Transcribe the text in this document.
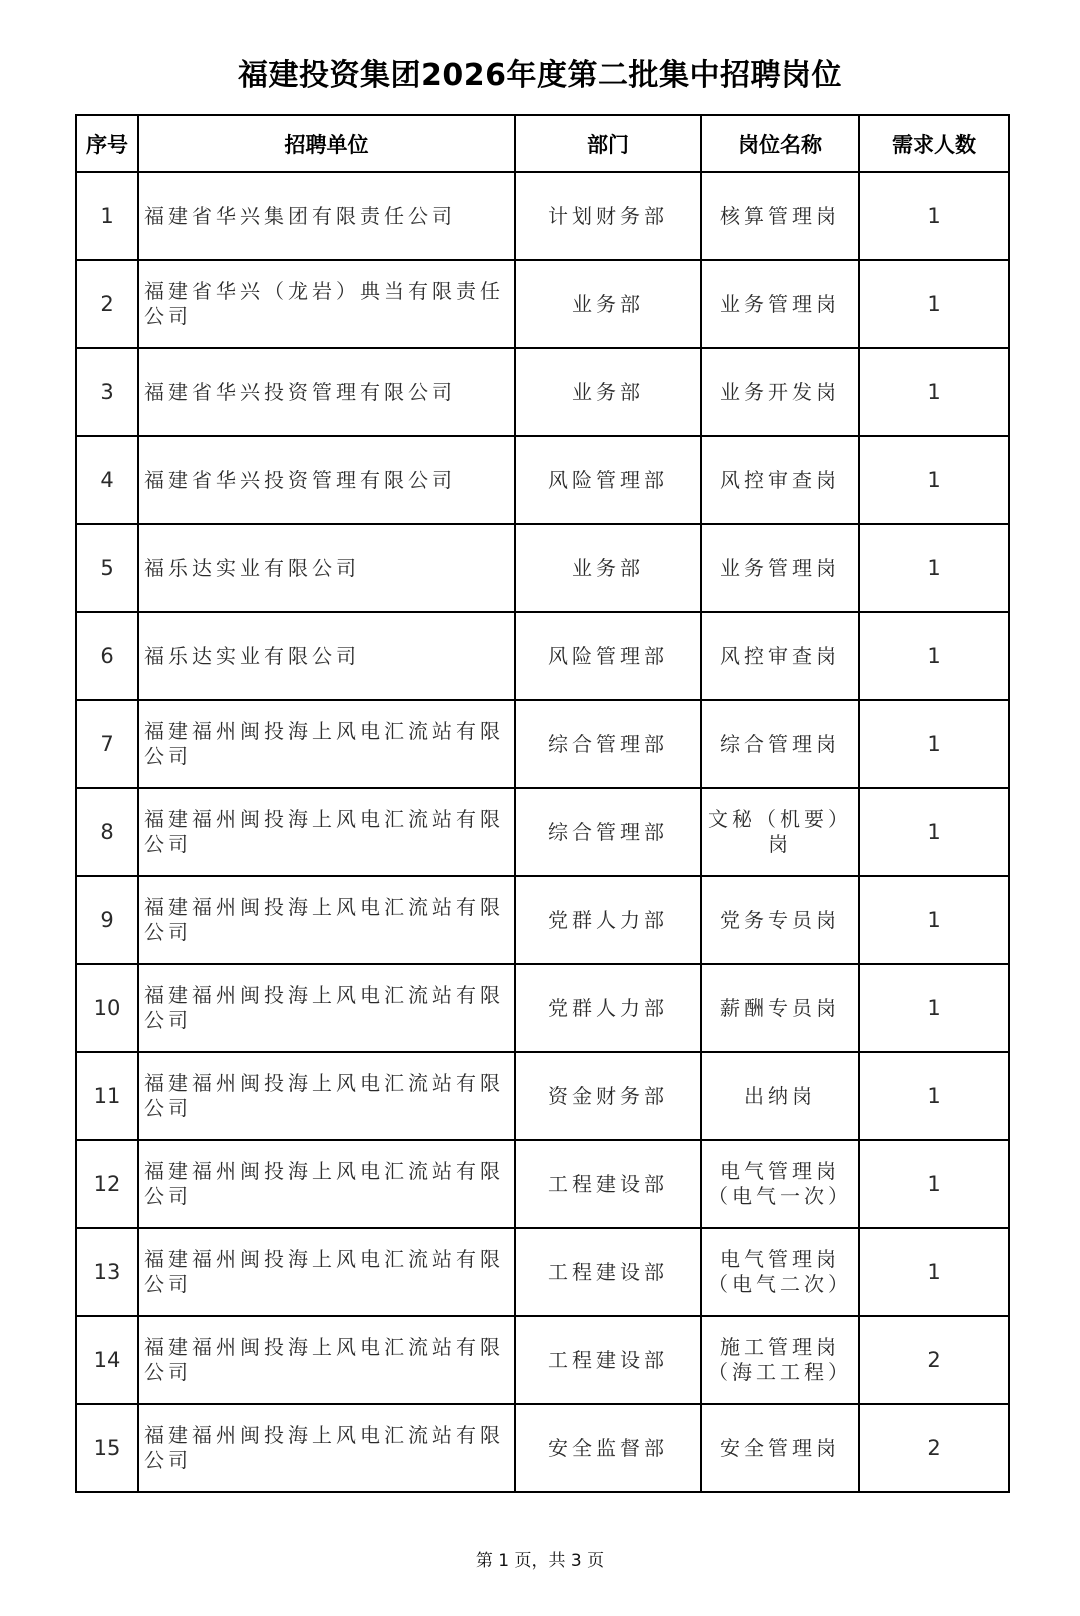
福建投资集团2026年度第二批集中招聘岗位
序号	招聘单位	部门	岗位名称	需求人数
1	福建省华兴集团有限责任公司	计划财务部	核算管理岗	1
2	福建省华兴（龙岩）典当有限责任公司	业务部	业务管理岗	1
3	福建省华兴投资管理有限公司	业务部	业务开发岗	1
4	福建省华兴投资管理有限公司	风险管理部	风控审查岗	1
5	福乐达实业有限公司	业务部	业务管理岗	1
6	福乐达实业有限公司	风险管理部	风控审查岗	1
7	福建福州闽投海上风电汇流站有限公司	综合管理部	综合管理岗	1
8	福建福州闽投海上风电汇流站有限公司	综合管理部	文秘（机要）岗	1
9	福建福州闽投海上风电汇流站有限公司	党群人力部	党务专员岗	1
10	福建福州闽投海上风电汇流站有限公司	党群人力部	薪酬专员岗	1
11	福建福州闽投海上风电汇流站有限公司	资金财务部	出纳岗	1
12	福建福州闽投海上风电汇流站有限公司	工程建设部	电气管理岗（电气一次）	1
13	福建福州闽投海上风电汇流站有限公司	工程建设部	电气管理岗（电气二次）	1
14	福建福州闽投海上风电汇流站有限公司	工程建设部	施工管理岗（海工工程）	2
15	福建福州闽投海上风电汇流站有限公司	安全监督部	安全管理岗	2
第 1 页，共 3 页
